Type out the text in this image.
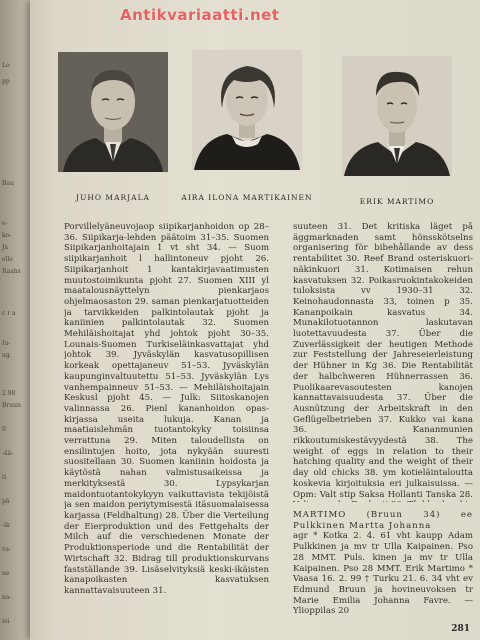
Lo
pp
Bau
e-
ko-
Ja
elle
Raahs
c r a
Iu-
ug.
2.98
Bruun
0
-ää-
ti
pä
-ik
va-
ne
na-
ioi
Antikvariaatti.net
JUHO MARJALA	AIRA ILONA MARTIKAINEN	ERIK MARTIMO
Porvillelyäneuvojaop siipikarjanhoidon op 28–36. Siipikarja-lehden päätoim 31–35. Suomen Siipikarjanhoitajain 1 vt sht 34. — Suom siipikarjanhoit l hallintoneuv pjoht 26. Siipikarjanhoit 1 kantakirjavaatimusten muutostoimikunta pjoht 27. Suomen XIII yl maatalousnäyttelyn pienkarjaos ohjelmaosaston 29. saman pienkarjatuotteiden ja tarvikkeiden palkintolautak pjoht ja kaniinien palkintolautak 32. Suomen Mehiläishoitajat yhd johtok pjoht 30–35. Lounais-Suomen Turkiseläinkasvattajat yhd johtok 39. Jyväskylän kasvatusopillisen korkeak opettajaneuv 51–53. Jyväskylän kaupunginvaltuutettu 51–53. Jyväskylän Lys vanhempainneuv 51–53. — Mehiläishoitajain Keskusl pjoht 45. — Julk: Siitoskanojen valinnassa 26. Pienl kananhoidon opas-kirjassa useita lukuja. Kanan ja maatiaislehmän tuotantokyky toisiinsa verrattuna 29. Miten taloudellista on ensilintujen hoito, jota nykyään suuresti suositellaan 30. Suomen kaniinin hoidosta ja käytöstä nahan valmistusaikeissa ja merkityksestä 30. Lypsykarjan maidontuotantokykyyn vaikuttavista tekijöistä ja sen maidon periytymisestä itäsuomalaisessa karjassa (Feldhaltung) 28. Über die Verteilung der Eierproduktion und des Fettgehalts der Milch auf die verschiedenen Monate der Produktionsperiode und die Rentabilität der Wirtschaft 32. Bidrag till produktionskurvans fastställande 39. Lisäselvityksiä keski-ikäisten kanapoikasten kasvatuksen kannattavaisuuteen 31.
suuteen 31. Det kritiska läget på äggmarknaden samt hönsskötselns organisering för bibehållande av dess rentabilitet 30. Reef Brand osteriskuori-näkinkuori 31. Kotimaisen rehun kasvatuksen 32. Poikasruokintakokeiden tuloksista vv 1930–31 32. Keinohaudonnasta 33, toinen p 35. Kananpoikain kasvatus 34. Munakilotuotannon laskutavan luotettavuudesta 37. Über die Zuverlässigkeit der heutigen Methode zur Feststellung der Jahreseierleistung der Hühner in Kg 36. Die Rentabilität der halbchweren Hühnerrassen 36. Puolikaarevasoutesten kanojen kannattavaisuudesta 37. Über die Ausnützung der Arbeitskraft in den Geflügelbetrieben 37. Kukko vai kana 36. Kananmunien rikkoutumiskestävyydestä 38. The weight of eggs in relation to their hatching quality and the weight of their day old chicks 38. ym kotieläintaloutta koskevia kirjoituksia eri julkaisuissa. — Opm: Valt stip Saksa Hollanti Tanska 28.
MARTIMO (Bruun 34) ee Pulkkinen Martta Johanna
agr * Kotka 2. 4. 61 vht kaupp Adam Pulkkinen ja mv tr Ulla Kaipainen. Pso 28 MMT. Puls. kinen ja mv tr Ulla Kaipainen. Pso 28 MMT. Erik Martimo * Vaasa 16. 2. 99 † Turku 21. 6. 34 vht ev Edmund Bruun ja hovineuvoksen tr Marie Emilia Johanna Favre. — Ylioppilas 20
281
